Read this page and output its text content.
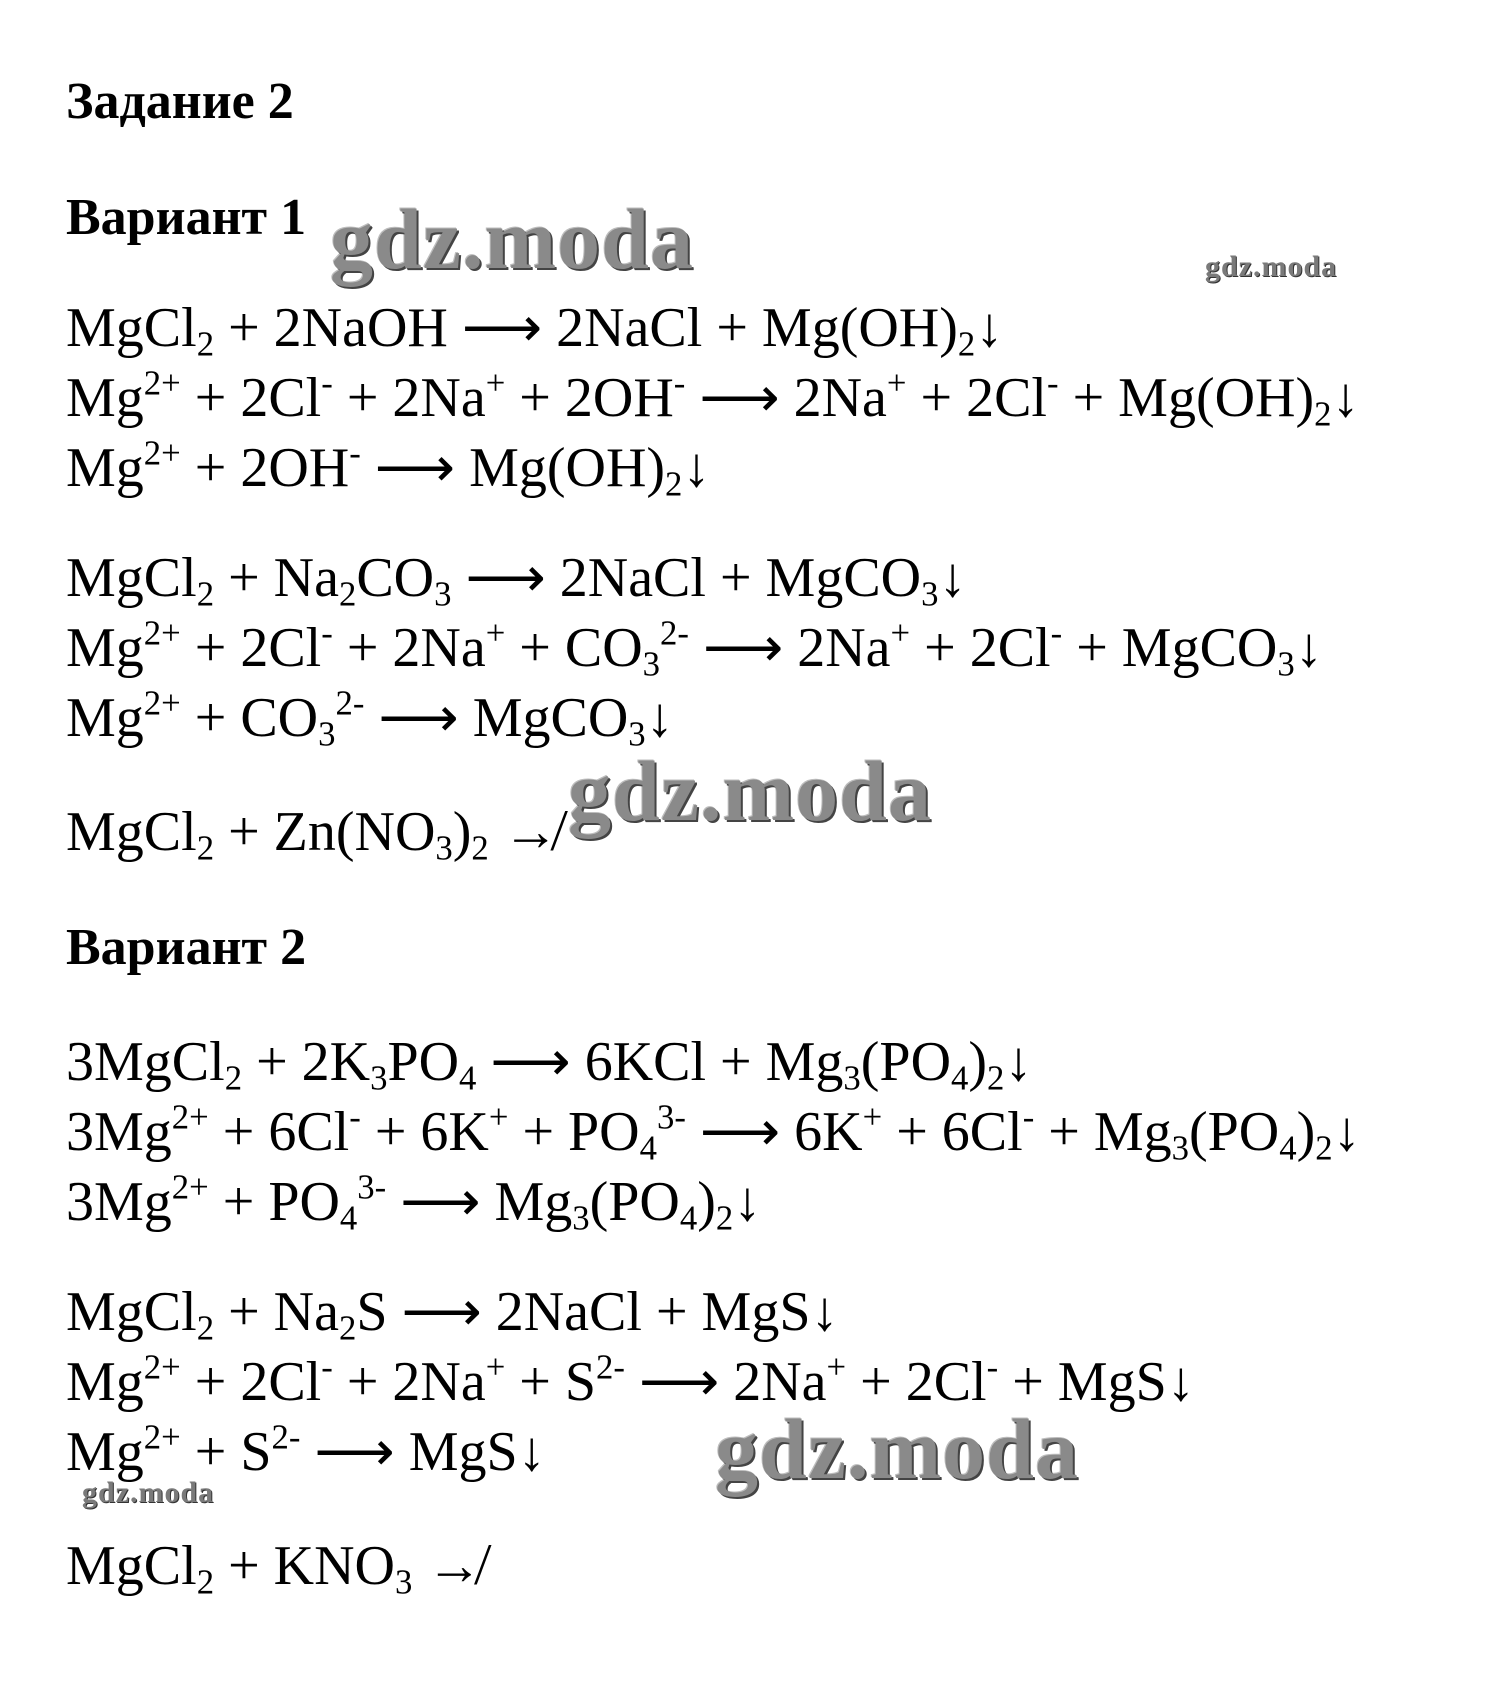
Задание 2
Вариант 1
MgCl$_2$ + 2NaOH ⟶ 2NaCl + $Mg(OH)_2↓$
$Mg^{2+} + 2Cl^- + 2Na^+ + 2OH^-$ ⟶ $2Na^+ + 2Cl^- + Mg(OH)_2↓$
$Mg^{2+} + 2OH^-$ ⟶ $Mg(OH)_2↓$
MgCl$_2$ + $Na_2CO_3$ ⟶ 2NaCl + MgCO$_3$↓
$Mg^{2+} + 2Cl^- + 2Na^+ + CO_3^{2-}$ ⟶ 2Na+ + 2Cl- + MgCO$_3$↓
$Mg^{2+} + CO_3^{2-}$ ⟶ MgCO$_3$↓
MgCl$_2$ + $Zn(NO_3)_2$ ↛
Вариант 2
3MgCl$_2$ + $2K_3PO_4$ ⟶ $6KCl + Mg_3(PO_4)_2↓$
$3Mg^{2+} + 6Cl^- + 6K^+ + PO_4^{3-}$ ⟶ $6K^+ + 6Cl^- + Mg_3(PO_4)_2↓$
$3Mg^{2+} + PO_4^{3-}$ ⟶ $Mg_3(PO_4)_2↓$
MgCl$_2$ + $Na_2S$ ⟶ 2NaCl + MgS↓
$Mg^{2+} + 2Cl^- + 2Na^+ + S^{2-}$ ⟶ 2Na+ + 2Cl- + MgS↓
$Mg^{2+} + S^{2-}$ ⟶ MgS↓
MgCl$_2$ + $KNO_3$ ↛
gdz.moda	gdz.moda
gdz.moda
gdz.moda
gdz.moda
